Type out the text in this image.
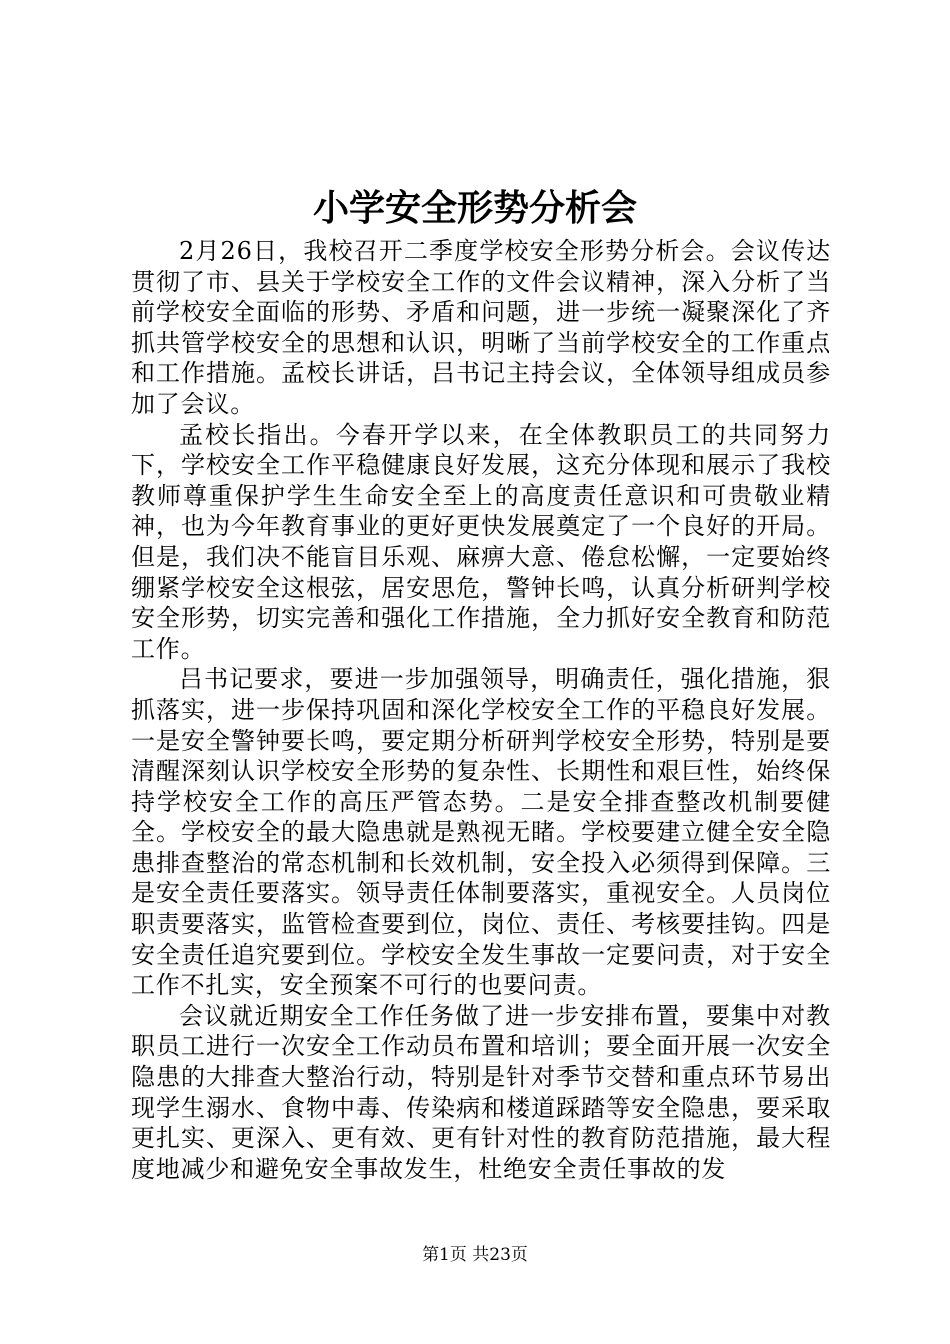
小学安全形势分析会

2月26日，我校召开二季度学校安全形势分析会。会议传达贯彻了市、县关于学校安全工作的文件会议精神，深入分析了当前学校安全面临的形势、矛盾和问题，进一步统一凝聚深化了齐抓共管学校安全的思想和认识，明晰了当前学校安全的工作重点和工作措施。孟校长讲话，吕书记主持会议，全体领导组成员参加了会议。

孟校长指出。今春开学以来，在全体教职员工的共同努力下，学校安全工作平稳健康良好发展，这充分体现和展示了我校教师尊重保护学生生命安全至上的高度责任意识和可贵敬业精神，也为今年教育事业的更好更快发展奠定了一个良好的开局。但是，我们决不能盲目乐观、麻痹大意、倦怠松懈，一定要始终绷紧学校安全这根弦，居安思危，警钟长鸣，认真分析研判学校安全形势，切实完善和强化工作措施，全力抓好安全教育和防范工作。

吕书记要求，要进一步加强领导，明确责任，强化措施，狠抓落实，进一步保持巩固和深化学校安全工作的平稳良好发展。一是安全警钟要长鸣，要定期分析研判学校安全形势，特别是要清醒深刻认识学校安全形势的复杂性、长期性和艰巨性，始终保持学校安全工作的高压严管态势。二是安全排查整改机制要健全。学校安全的最大隐患就是熟视无睹。学校要建立健全安全隐患排查整治的常态机制和长效机制，安全投入必须得到保障。三是安全责任要落实。领导责任体制要落实，重视安全。人员岗位职责要落实，监管检查要到位，岗位、责任、考核要挂钩。四是安全责任追究要到位。学校安全发生事故一定要问责，对于安全工作不扎实，安全预案不可行的也要问责。

会议就近期安全工作任务做了进一步安排布置，要集中对教职员工进行一次安全工作动员布置和培训；要全面开展一次安全隐患的大排查大整治行动，特别是针对季节交替和重点环节易出现学生溺水、食物中毒、传染病和楼道踩踏等安全隐患，要采取更扎实、更深入、更有效、更有针对性的教育防范措施，最大程度地减少和避免安全事故发生，杜绝安全责任事故的发

第1页 共23页
